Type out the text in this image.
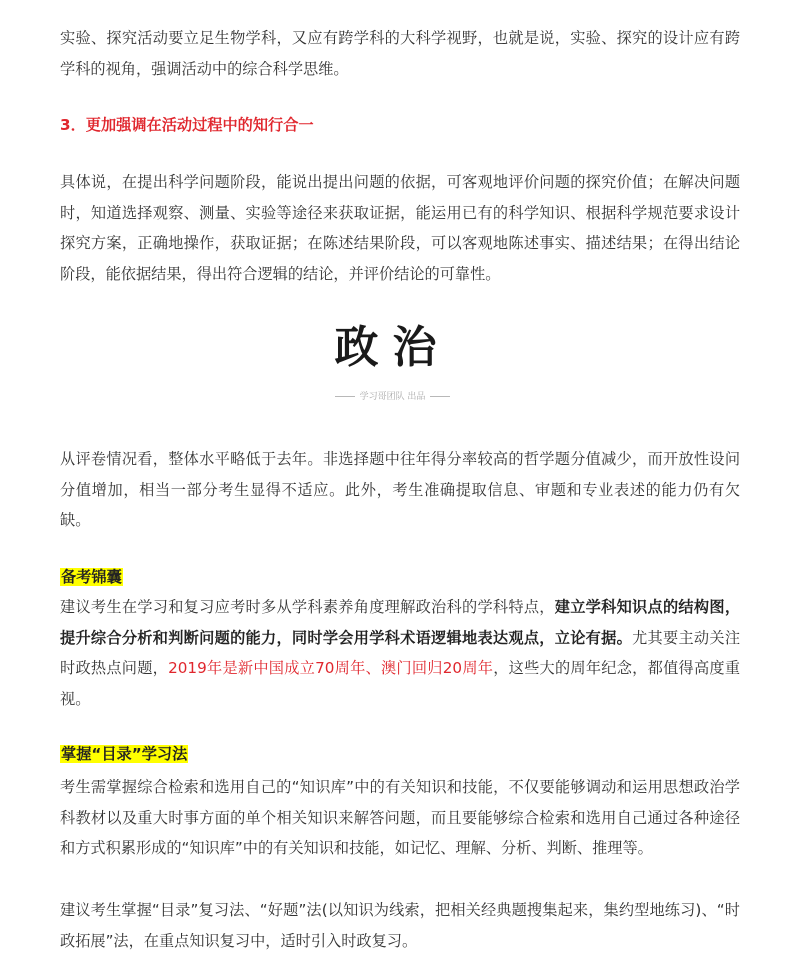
实验、探究活动要立足生物学科，又应有跨学科的大科学视野，也就是说，实验、探究的设计应有跨学科的视角，强调活动中的综合科学思维。

3．更加强调在活动过程中的知行合一

具体说，在提出科学问题阶段，能说出提出问题的依据，可客观地评价问题的探究价值；在解决问题时，知道选择观察、测量、实验等途径来获取证据，能运用已有的科学知识、根据科学规范要求设计探究方案，正确地操作，获取证据；在陈述结果阶段，可以客观地陈述事实、描述结果；在得出结论阶段，能依据结果，得出符合逻辑的结论，并评价结论的可靠性。

政治
学习哥团队 出品

从评卷情况看，整体水平略低于去年。非选择题中往年得分率较高的哲学题分值减少，而开放性设问分值增加，相当一部分考生显得不适应。此外，考生准确提取信息、审题和专业表述的能力仍有欠缺。

备考锦囊

建议考生在学习和复习应考时多从学科素养角度理解政治科的学科特点，建立学科知识点的结构图，提升综合分析和判断问题的能力，同时学会用学科术语逻辑地表达观点，立论有据。尤其要主动关注时政热点问题，2019年是新中国成立70周年、澳门回归20周年，这些大的周年纪念，都值得高度重视。

掌握“目录”学习法

考生需掌握综合检索和选用自己的“知识库”中的有关知识和技能，不仅要能够调动和运用思想政治学科教材以及重大时事方面的单个相关知识来解答问题，而且要能够综合检索和选用自己通过各种途径和方式积累形成的“知识库”中的有关知识和技能，如记忆、理解、分析、判断、推理等。

建议考生掌握“目录”复习法、“好题”法(以知识为线索，把相关经典题搜集起来，集约型地练习)、“时政拓展”法，在重点知识复习中，适时引入时政复习。
